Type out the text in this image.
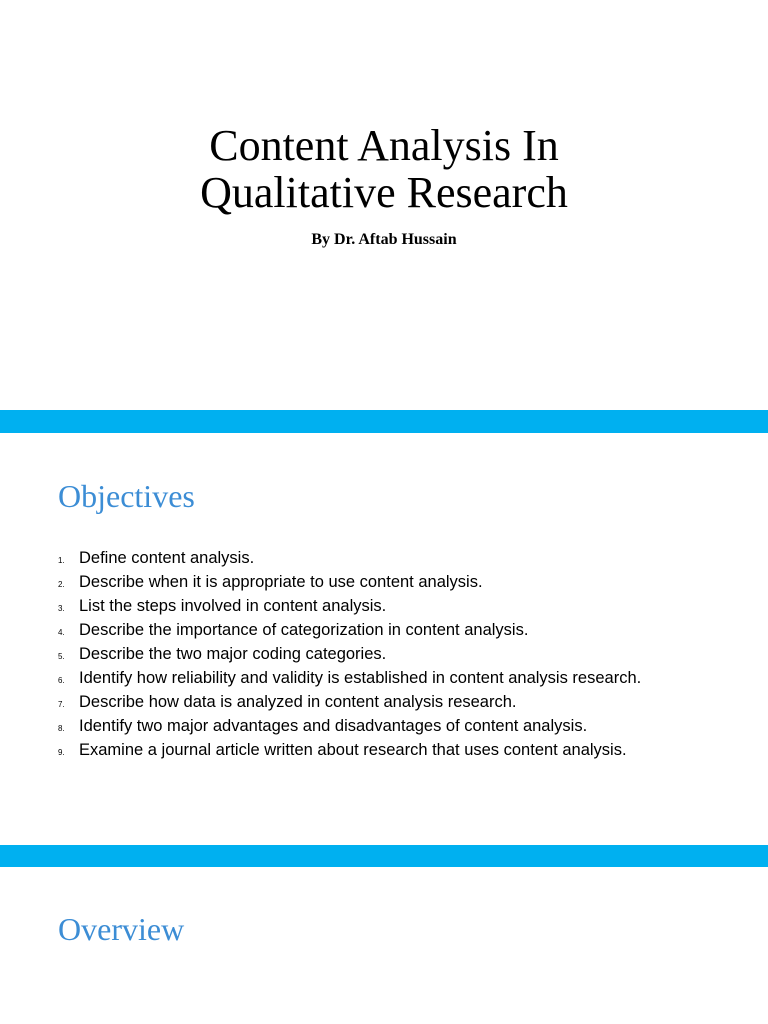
Content Analysis In
Qualitative Research

By Dr. Aftab Hussain

Objectives
1. Define content analysis.
2. Describe when it is appropriate to use content analysis.
3. List the steps involved in content analysis.
4. Describe the importance of categorization in content analysis.
5. Describe the two major coding categories.
6. Identify how reliability and validity is established in content analysis research.
7. Describe how data is analyzed in content analysis research.
8. Identify two major advantages and disadvantages of content analysis.
9. Examine a journal article written about research that uses content analysis.
Overview
